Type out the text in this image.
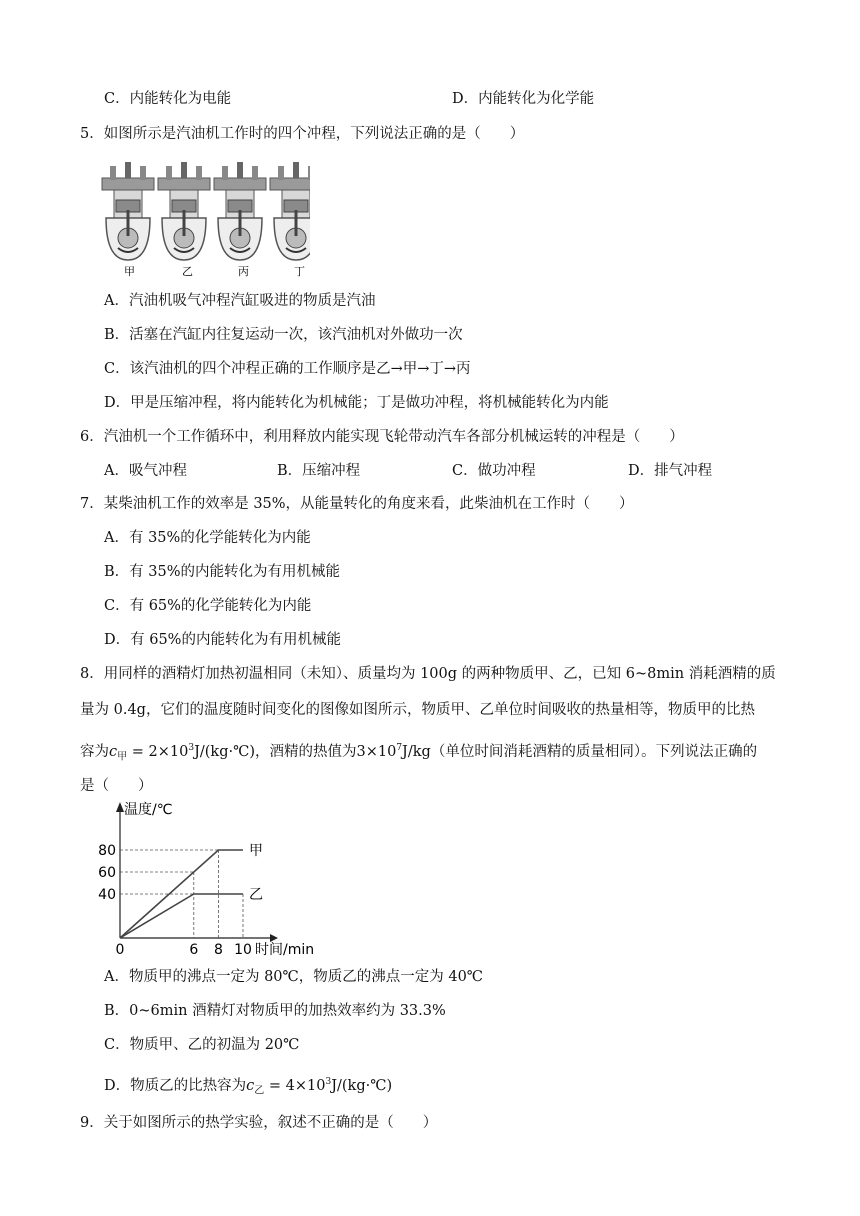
C．内能转化为电能	D．内能转化为化学能
5．如图所示是汽油机工作时的四个冲程，下列说法正确的是（　　）
甲	乙	丙	丁
A．汽油机吸气冲程汽缸吸进的物质是汽油
B．活塞在汽缸内往复运动一次，该汽油机对外做功一次
C．该汽油机的四个冲程正确的工作顺序是乙→甲→丁→丙
D．甲是压缩冲程，将内能转化为机械能；丁是做功冲程，将机械能转化为内能
6．汽油机一个工作循环中，利用释放内能实现飞轮带动汽车各部分机械运转的冲程是（　　）
A．吸气冲程	B．压缩冲程	C．做功冲程	D．排气冲程
7．某柴油机工作的效率是 35%，从能量转化的角度来看，此柴油机在工作时（　　）
A．有 35%的化学能转化为内能
B．有 35%的内能转化为有用机械能
C．有 65%的化学能转化为内能
D．有 65%的内能转化为有用机械能
8．用同样的酒精灯加热初温相同（未知）、质量均为 100g 的两种物质甲、乙，已知 6~8min 消耗酒精的质
量为 0.4g，它们的温度随时间变化的图像如图所示，物质甲、乙单位时间吸收的热量相等，物质甲的比热
容为$c_甲$ = $2\times 10^3J/(kg\cdot℃)$，酒精的热值为$3\times 10^7J/kg$（单位时间消耗酒精的质量相同）。下列说法正确的
是（　　）
甲
乙
40
60
80
0	6 8 10
温度/℃
时间/min
A．物质甲的沸点一定为 80℃，物质乙的沸点一定为 40℃
B．0~6min 酒精灯对物质甲的加热效率约为 33.3%
C．物质甲、乙的初温为 20℃
D．物质乙的比热容为$c_乙$ = $4\times 10^3J/(kg\cdot℃)$
9．关于如图所示的热学实验，叙述不正确的是（　　）
